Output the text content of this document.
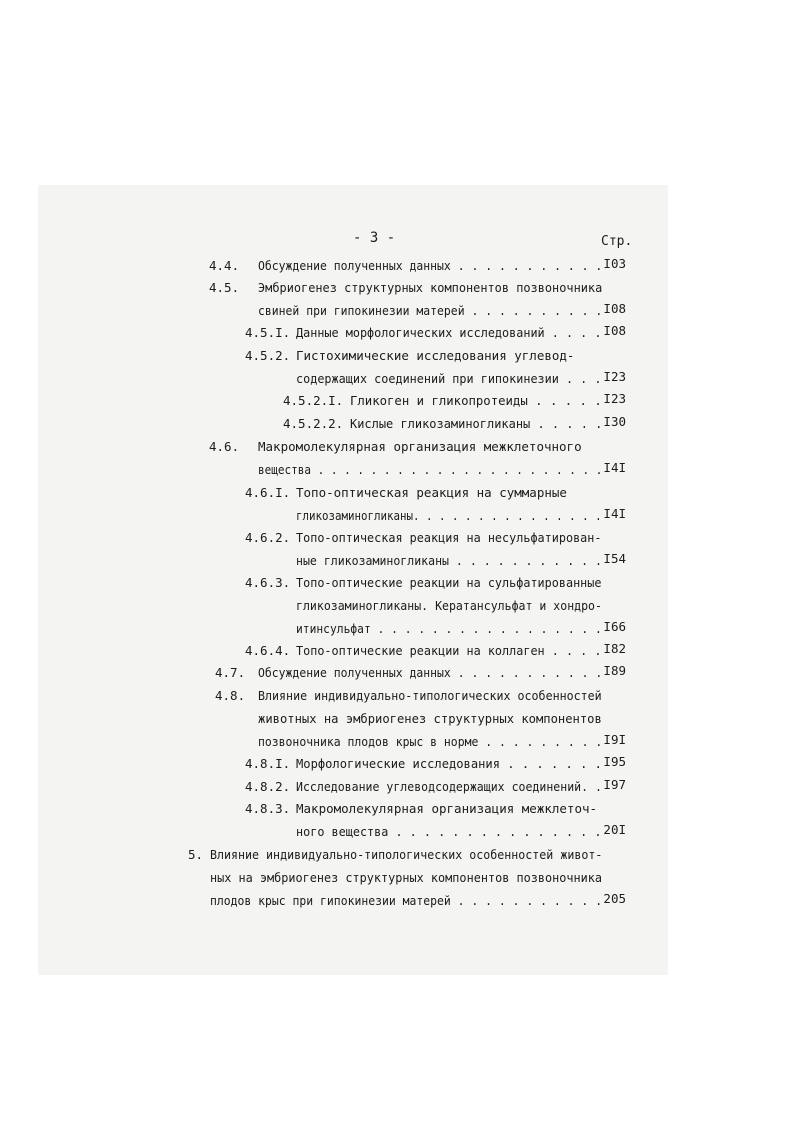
- 3 -	Стр.
4.4. Обсуждение полученных данных . . . . . . . . . . . I03
4.5. Эмбриогенез структурных компонентов позвоночника
свиней при гипокинезии матерей . . . . . . . . . . I08
4.5.I. Данные морфологических исследований . . . . I08
4.5.2. Гистохимические исследования углевод-
содержащих соединений при гипокинезии . . . I23
4.5.2.I. Гликоген и гликопротеиды . . . . . I23
4.5.2.2. Кислые гликозаминогликаны . . . . . I30
4.6. Макромолекулярная организация межклеточного
вещества . . . . . . . . . . . . . . . . . . . . . . I4I
4.6.I. Топо-оптическая реакция на суммарные
гликозаминогликаны. . . . . . . . . . . . . . . I4I
4.6.2. Топо-оптическая реакция на несульфатирован-
ные гликозаминогликаны . . . . . . . . . . . I54
4.6.3. Топо-оптические реакции на сульфатированные
гликозаминогликаны. Кератансульфат и хондро-
итинсульфат . . . . . . . . . . . . . . . . . I66
4.6.4. Топо-оптические реакции на коллаген . . . . I82
4.7. Обсуждение полученных данных . . . . . . . . . . . I89
4.8. Влияние индивидуально-типологических особенностей
животных на эмбриогенез структурных компонентов
позвоночника плодов крыс в норме . . . . . . . . . I9I
4.8.I. Морфологические исследования . . . . . . . I95
4.8.2. Исследование углеводсодержащих соединений. . I97
4.8.3. Макромолекулярная организация межклеточ-
ного вещества . . . . . . . . . . . . . . . 20I
5. Влияние индивидуально-типологических особенностей живот-
ных на эмбриогенез структурных компонентов позвоночника
плодов крыс при гипокинезии матерей . . . . . . . . . . . 205
